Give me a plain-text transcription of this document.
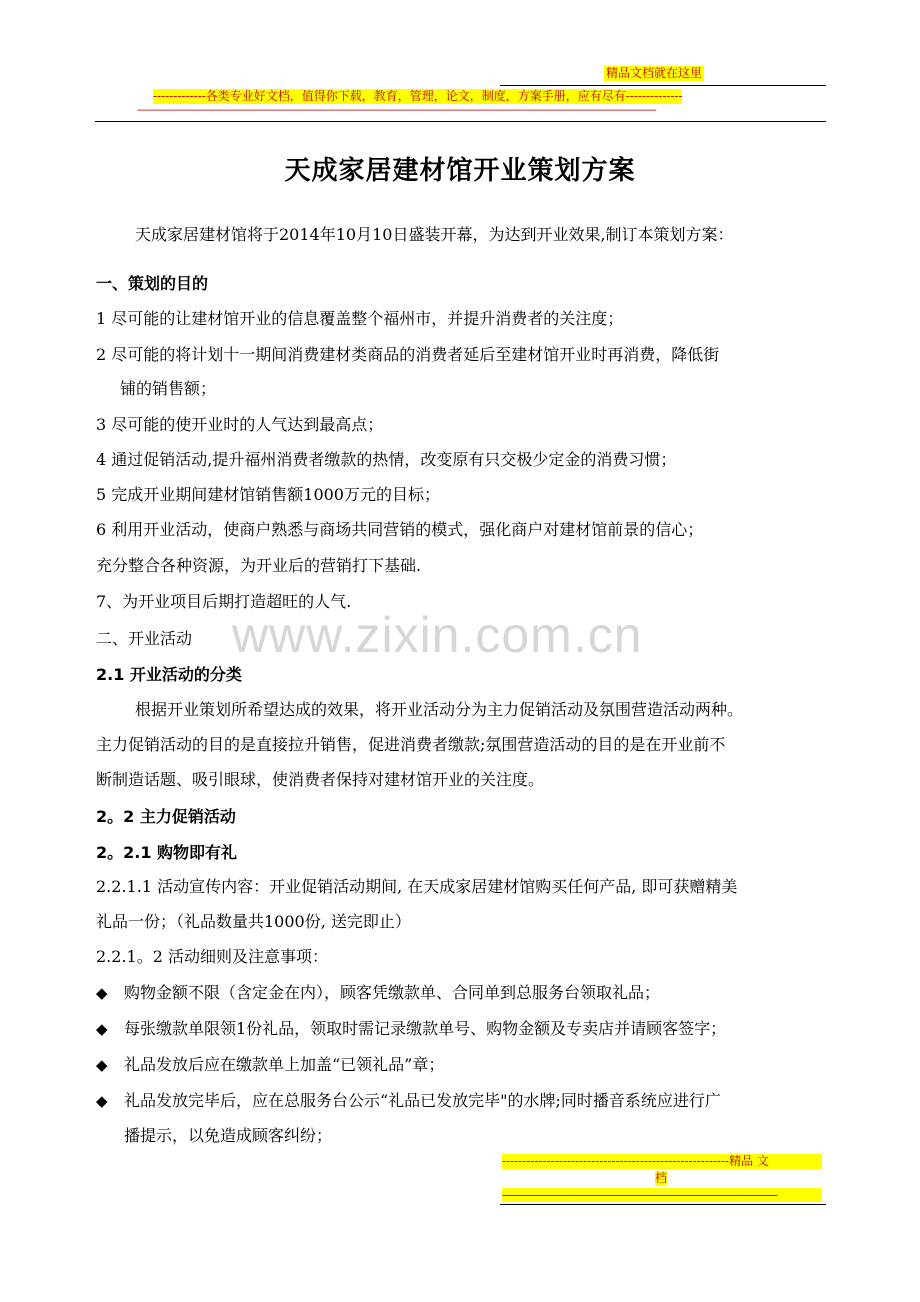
精品文档就在这里
-------------各类专业好文档，值得你下载，教育，管理，论文，制度，方案手册，应有尽有--------------
--------------------------------------------------------------------------------------------------------------------------------------------------------------------------------------------------------------------------
天成家居建材馆开业策划方案
天成家居建材馆将于2014年10月10日盛装开幕，为达到开业效果,制订本策划方案：
一、策划的目的
1 尽可能的让建材馆开业的信息覆盖整个福州市，并提升消费者的关注度；
2 尽可能的将计划十一期间消费建材类商品的消费者延后至建材馆开业时再消费，降低街
铺的销售额；
3 尽可能的使开业时的人气达到最高点；
4 通过促销活动,提升福州消费者缴款的热情，改变原有只交极少定金的消费习惯；
5 完成开业期间建材馆销售额1000万元的目标；
6 利用开业活动，使商户熟悉与商场共同营销的模式，强化商户对建材馆前景的信心；
充分整合各种资源，为开业后的营销打下基础.
7、为开业项目后期打造超旺的人气.
二、开业活动
2.1 开业活动的分类
根据开业策划所希望达成的效果，将开业活动分为主力促销活动及氛围营造活动两种。
主力促销活动的目的是直接拉升销售，促进消费者缴款;氛围营造活动的目的是在开业前不
断制造话题、吸引眼球，使消费者保持对建材馆开业的关注度。
2。2 主力促销活动
2。2.1 购物即有礼
2.2.1.1 活动宣传内容：开业促销活动期间, 在天成家居建材馆购买任何产品, 即可获赠精美
礼品一份；（礼品数量共1000份, 送完即止）
2.2.1。2 活动细则及注意事项：
◆ 购物金额不限（含定金在内），顾客凭缴款单、合同单到总服务台领取礼品；
◆ 每张缴款单限领1份礼品，领取时需记录缴款单号、购物金额及专卖店并请顾客签字；
◆ 礼品发放后应在缴款单上加盖“已领礼品”章；
◆ 礼品发放完毕后，应在总服务台公示“礼品已发放完毕"的水牌;同时播音系统应进行广
播提示，以免造成顾客纠纷；
www.zixin.com.cn
--------------------------------------------------------精品 文
档
------------------------------------------------------------------------------------------
